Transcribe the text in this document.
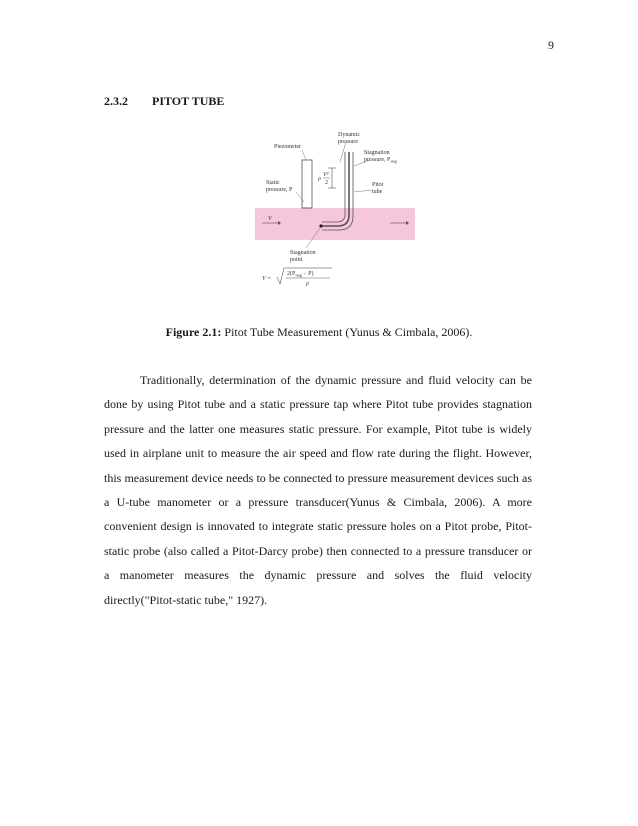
9
2.3.2 PITOT TUBE
Piezometer
Dynamic
pressure
Stagnation
pressure, $P_{stag}$
Static
pressure, P
Pitot
tube
ρ
V²
2
V
Stagnation
point
V =
$2(P_{stag} - P)$
ρ
Figure 2.1: Pitot Tube Measurement (Yunus & Cimbala, 2006).

Traditionally, determination of the dynamic pressure and fluid velocity can be done by using Pitot tube and a static pressure tap where Pitot tube provides stagnation pressure and the latter one measures static pressure. For example, Pitot tube is widely used in airplane unit to measure the air speed and flow rate during the flight. However, this measurement device needs to be connected to pressure measurement devices such as a U-tube manometer or a pressure transducer(Yunus & Cimbala, 2006). A more convenient design is innovated to integrate static pressure holes on a Pitot probe, Pitot-static probe (also called a Pitot-Darcy probe) then connected to a pressure transducer or a manometer measures the dynamic pressure and solves the fluid velocity directly("Pitot-static tube," 1927).
